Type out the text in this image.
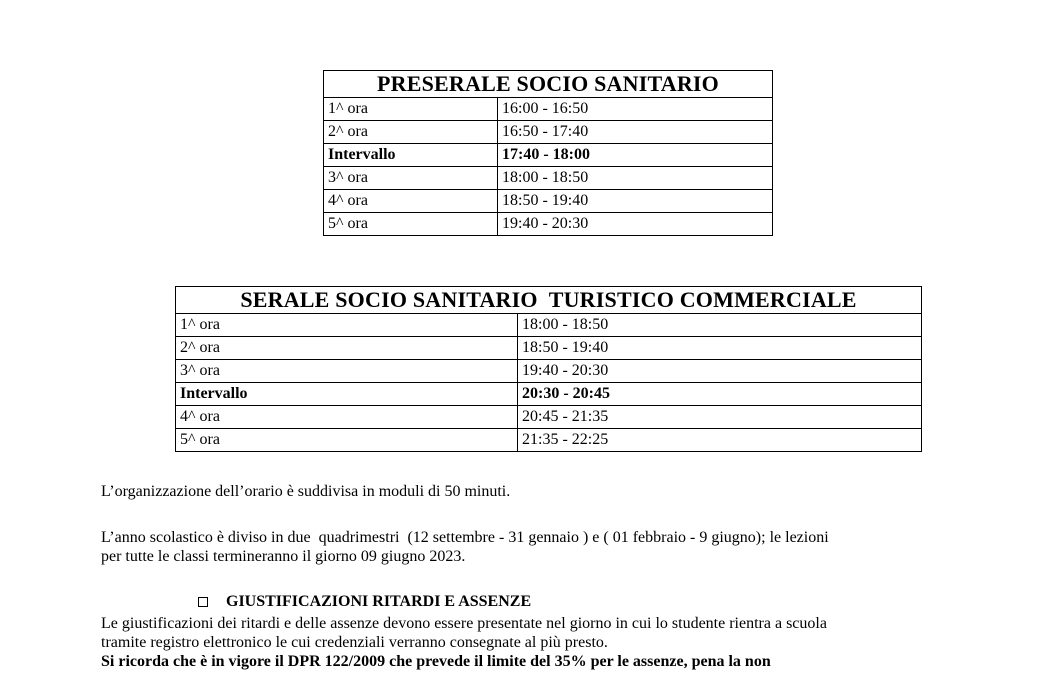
PRESERALE SOCIO SANITARIO	
1^ ora	16:00 - 16:50
2^ ora	16:50 - 17:40
Intervallo	17:40 - 18:00
3^ ora	18:00 - 18:50
4^ ora	18:50 - 19:40
5^ ora	19:40 - 20:30
SERALE SOCIO SANITARIO  TURISTICO COMMERCIALE	
1^ ora	18:00 - 18:50
2^ ora	18:50 - 19:40
3^ ora	19:40 - 20:30
Intervallo	20:30 - 20:45
4^ ora	20:45 - 21:35
5^ ora	21:35 - 22:25
L’organizzazione dell’orario è suddivisa in moduli di 50 minuti.
L’anno scolastico è diviso in due  quadrimestri  (12 settembre - 31 gennaio ) e ( 01 febbraio - 9 giugno); le lezioni
per tutte le classi termineranno il giorno 09 giugno 2023.
GIUSTIFICAZIONI RITARDI E ASSENZE
Le giustificazioni dei ritardi e delle assenze devono essere presentate nel giorno in cui lo studente rientra a scuola
tramite registro elettronico le cui credenziali verranno consegnate al più presto.
Si ricorda che è in vigore il DPR 122/2009 che prevede il limite del 35% per le assenze, pena la non
